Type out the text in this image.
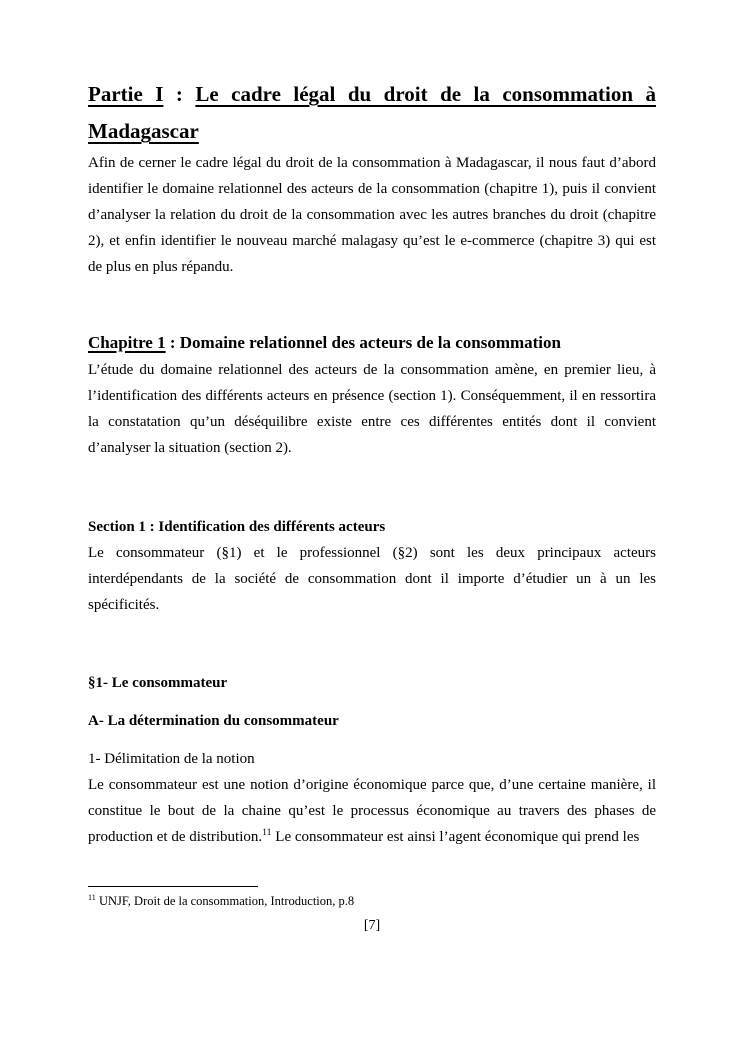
Partie I : Le cadre légal du droit de la consommation à Madagascar

Afin de cerner le cadre légal du droit de la consommation à Madagascar, il nous faut d’abord identifier le domaine relationnel des acteurs de la consommation (chapitre 1), puis il convient d’analyser la relation du droit de la consommation avec les autres branches du droit (chapitre 2), et enfin identifier le nouveau marché malagasy qu’est le e-commerce (chapitre 3) qui est de plus en plus répandu.

Chapitre 1 : Domaine relationnel des acteurs de la consommation

L’étude du domaine relationnel des acteurs de la consommation amène, en premier lieu, à l’identification des différents acteurs en présence (section 1). Conséquemment, il en ressortira la constatation qu’un déséquilibre existe entre ces différentes entités dont il convient d’analyser la situation (section 2).

Section 1 : Identification des différents acteurs

Le consommateur (§1) et le professionnel (§2) sont les deux principaux acteurs interdépendants de la société de consommation dont il importe d’étudier un à un les spécificités.

§1- Le consommateur
A- La détermination du consommateur

1- Délimitation de la notion

Le consommateur est une notion d’origine économique parce que, d’une certaine manière, il constitue le bout de la chaine qu’est le processus économique au travers des phases de production et de distribution.$^{11}$ Le consommateur est ainsi l’agent économique qui prend les

$^{11}$ UNJF, Droit de la consommation, Introduction, p.8

[7]
